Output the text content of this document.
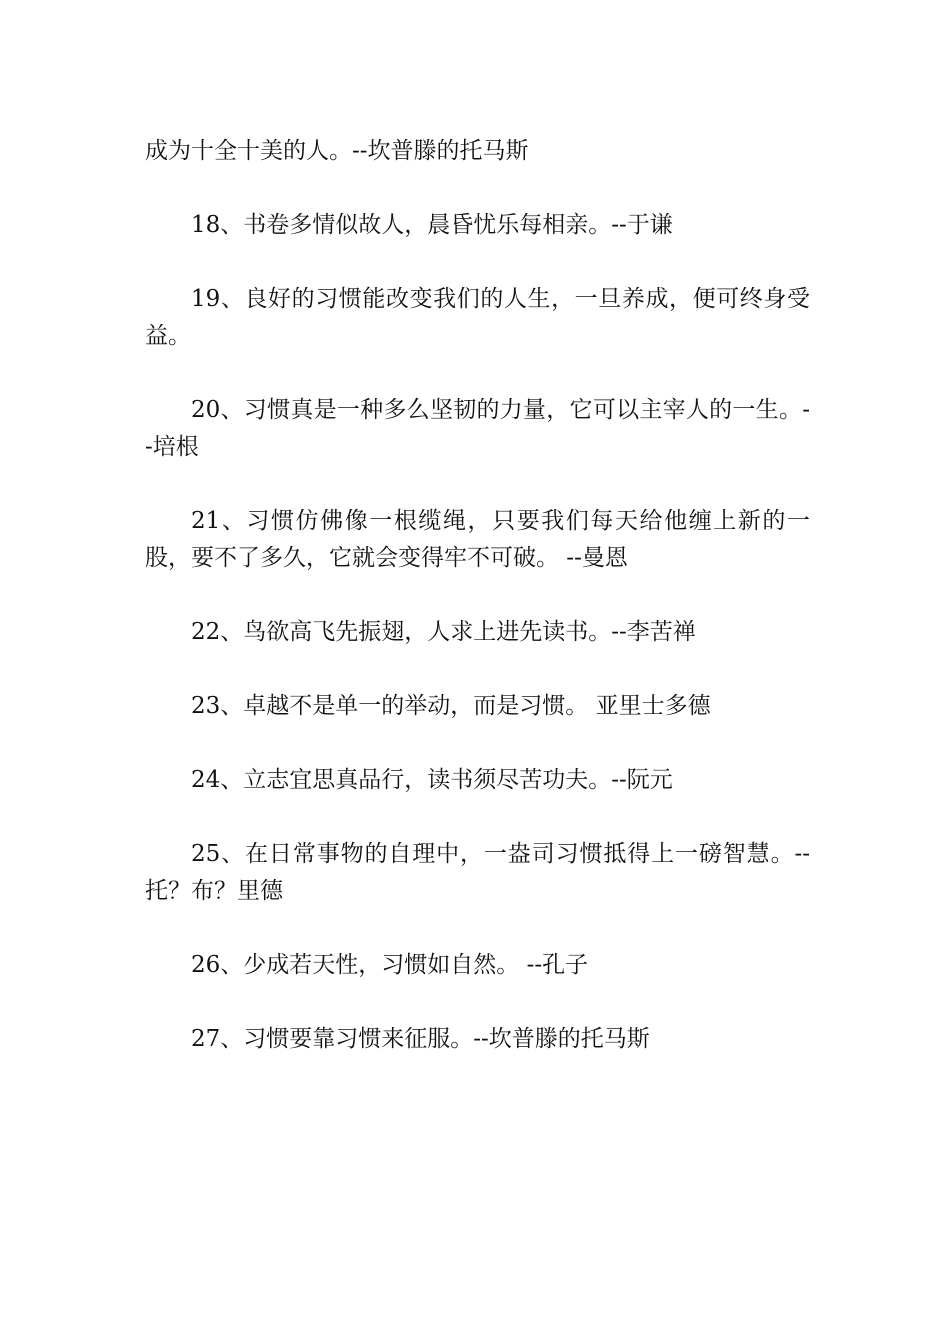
成为十全十美的人。--坎普滕的托马斯

18、书卷多情似故人，晨昏忧乐每相亲。--于谦

19、良好的习惯能改变我们的人生，一旦养成，便可终身受益。

20、习惯真是一种多么坚韧的力量，它可以主宰人的一生。--培根

21、习惯仿佛像一根缆绳，只要我们每天给他缠上新的一股，要不了多久，它就会变得牢不可破。 --曼恩

22、鸟欲高飞先振翅，人求上进先读书。--李苦禅

23、卓越不是单一的举动，而是习惯。 亚里士多德

24、立志宜思真品行，读书须尽苦功夫。--阮元

25、在日常事物的自理中，一盎司习惯抵得上一磅智慧。--托？布？里德

26、少成若天性，习惯如自然。 --孔子

27、习惯要靠习惯来征服。--坎普滕的托马斯
